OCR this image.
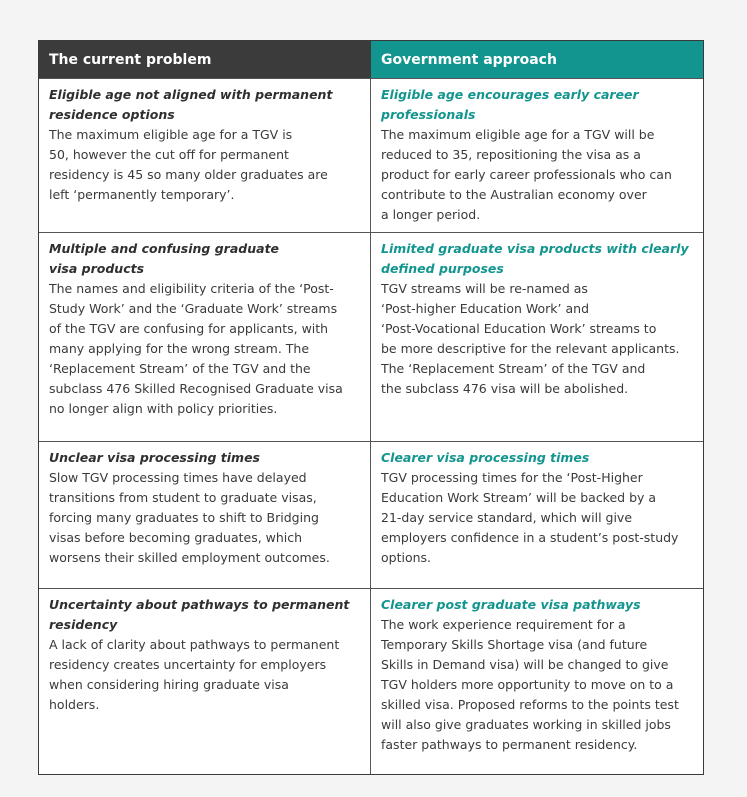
The current problem	Government approach

Eligible age not aligned with permanent
residence options

The maximum eligible age for a TGV is
50, however the cut off for permanent
residency is 45 so many older graduates are
left ‘permanently temporary’.

Eligible age encourages early career
professionals

The maximum eligible age for a TGV will be
reduced to 35, repositioning the visa as a
product for early career professionals who can
contribute to the Australian economy over
a longer period.

Multiple and confusing graduate
visa products

The names and eligibility criteria of the ‘Post-
Study Work’ and the ‘Graduate Work’ streams
of the TGV are confusing for applicants, with
many applying for the wrong stream. The
‘Replacement Stream’ of the TGV and the
subclass 476 Skilled Recognised Graduate visa
no longer align with policy priorities.

Limited graduate visa products with clearly
defined purposes

TGV streams will be re-named as
‘Post-higher Education Work’ and
‘Post-Vocational Education Work’ streams to
be more descriptive for the relevant applicants.
The ‘Replacement Stream’ of the TGV and
the subclass 476 visa will be abolished.

Unclear visa processing times

Slow TGV processing times have delayed
transitions from student to graduate visas,
forcing many graduates to shift to Bridging
visas before becoming graduates, which
worsens their skilled employment outcomes.

Clearer visa processing times

TGV processing times for the ‘Post-Higher
Education Work Stream’ will be backed by a
21-day service standard, which will give
employers confidence in a student’s post-study
options.

Uncertainty about pathways to permanent
residency

A lack of clarity about pathways to permanent
residency creates uncertainty for employers
when considering hiring graduate visa
holders.

Clearer post graduate visa pathways

The work experience requirement for a
Temporary Skills Shortage visa (and future
Skills in Demand visa) will be changed to give
TGV holders more opportunity to move on to a
skilled visa. Proposed reforms to the points test
will also give graduates working in skilled jobs
faster pathways to permanent residency.
